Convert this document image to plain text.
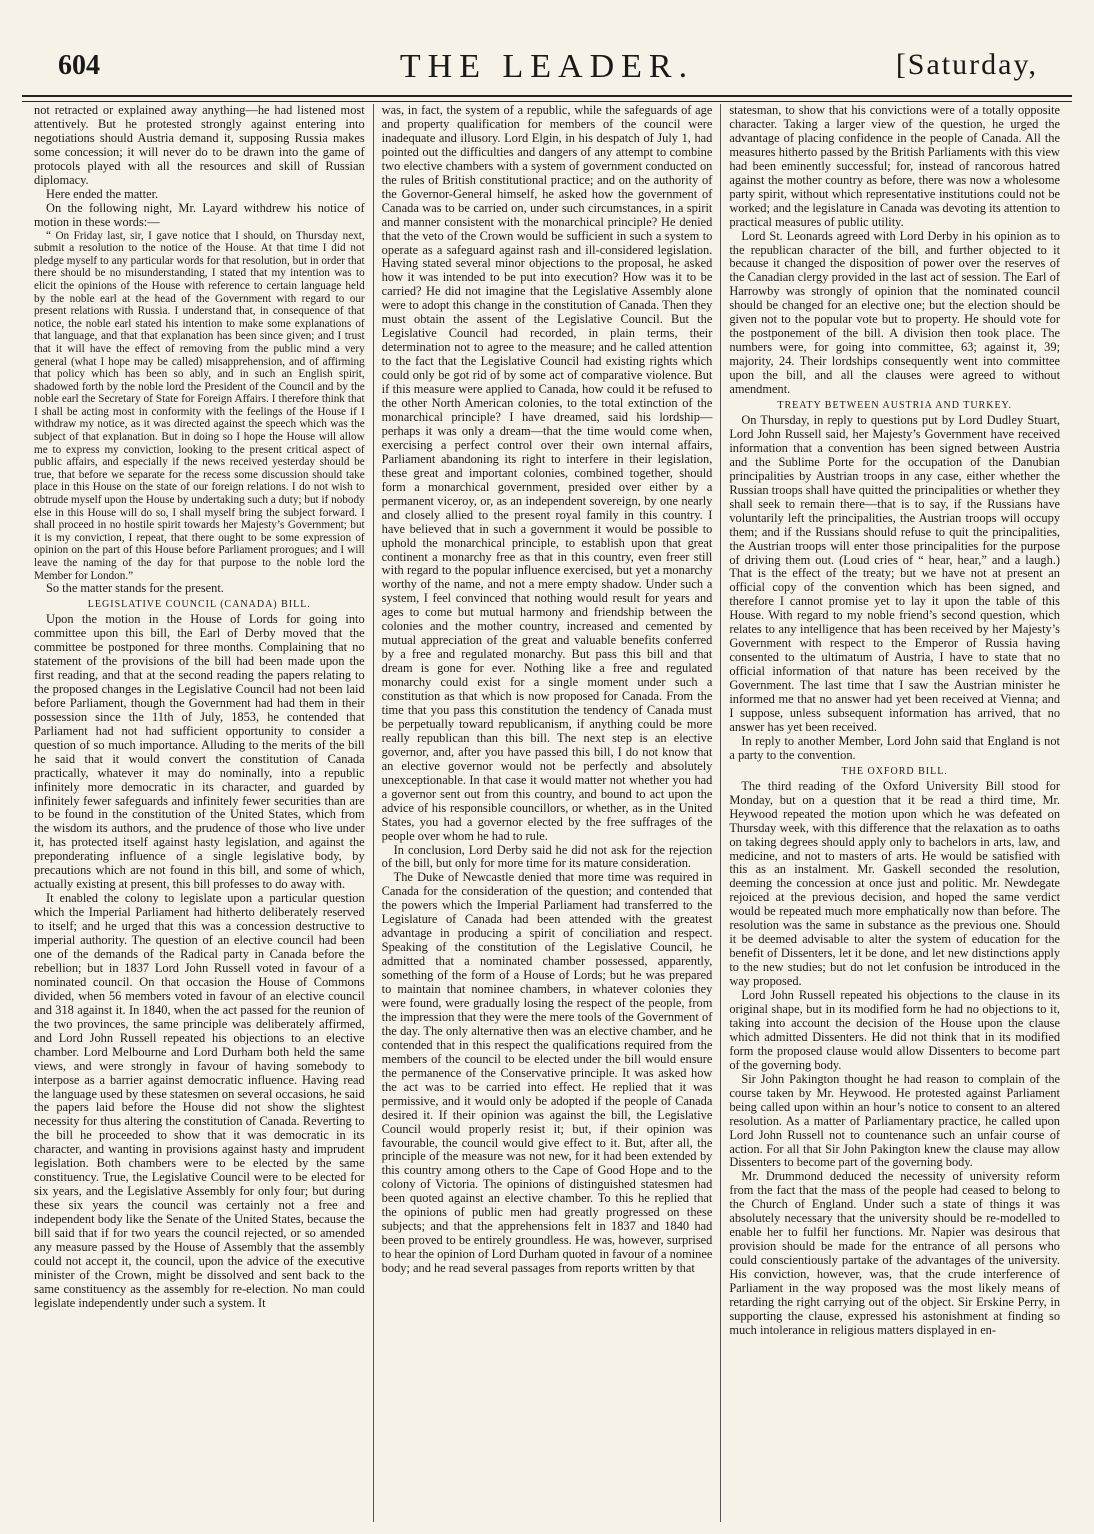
604	THE LEADER.	[Saturday,

not retracted or explained away anything—he had listened most attentively. But he protested strongly against entering into negotiations should Austria demand it, supposing Russia makes some concession; it will never do to be drawn into the game of protocols played with all the resources and skill of Russian diplomacy.

Here ended the matter.

On the following night, Mr. Layard withdrew his notice of motion in these words:—

“ On Friday last, sir, I gave notice that I should, on Thursday next, submit a resolution to the notice of the House. At that time I did not pledge myself to any particular words for that resolution, but in order that there should be no misunderstanding, I stated that my intention was to elicit the opinions of the House with reference to certain language held by the noble earl at the head of the Government with regard to our present relations with Russia. I understand that, in consequence of that notice, the noble earl stated his intention to make some explanations of that language, and that that explanation has been since given; and I trust that it will have the effect of removing from the public mind a very general (what I hope may be called) misapprehension, and of affirming that policy which has been so ably, and in such an English spirit, shadowed forth by the noble lord the President of the Council and by the noble earl the Secretary of State for Foreign Affairs. I therefore think that I shall be acting most in conformity with the feelings of the House if I withdraw my notice, as it was directed against the speech which was the subject of that explanation. But in doing so I hope the House will allow me to express my conviction, looking to the present critical aspect of public affairs, and especially if the news received yesterday should be true, that before we separate for the recess some discussion should take place in this House on the state of our foreign relations. I do not wish to obtrude myself upon the House by undertaking such a duty; but if nobody else in this House will do so, I shall myself bring the subject forward. I shall proceed in no hostile spirit towards her Majesty’s Government; but it is my conviction, I repeat, that there ought to be some expression of opinion on the part of this House before Parliament prorogues; and I will leave the naming of the day for that purpose to the noble lord the Member for London.”

So the matter stands for the present.

LEGISLATIVE COUNCIL (CANADA) BILL.

Upon the motion in the House of Lords for going into committee upon this bill, the Earl of Derby moved that the committee be postponed for three months. Complaining that no statement of the provisions of the bill had been made upon the first reading, and that at the second reading the papers relating to the proposed changes in the Legislative Council had not been laid before Parliament, though the Government had had them in their possession since the 11th of July, 1853, he contended that Parliament had not had sufficient opportunity to consider a question of so much importance. Alluding to the merits of the bill he said that it would convert the constitution of Canada practically, whatever it may do nominally, into a republic infinitely more democratic in its character, and guarded by infinitely fewer safeguards and infinitely fewer securities than are to be found in the constitution of the United States, which from the wisdom its authors, and the prudence of those who live under it, has protected itself against hasty legislation, and against the preponderating influence of a single legislative body, by precautions which are not found in this bill, and some of which, actually existing at present, this bill professes to do away with.

It enabled the colony to legislate upon a particular question which the Imperial Parliament had hitherto deliberately reserved to itself; and he urged that this was a concession destructive to imperial authority. The question of an elective council had been one of the demands of the Radical party in Canada before the rebellion; but in 1837 Lord John Russell voted in favour of a nominated council. On that occasion the House of Commons divided, when 56 members voted in favour of an elective council and 318 against it. In 1840, when the act passed for the reunion of the two provinces, the same principle was deliberately affirmed, and Lord John Russell repeated his objections to an elective chamber. Lord Melbourne and Lord Durham both held the same views, and were strongly in favour of having somebody to interpose as a barrier against democratic influence. Having read the language used by these statesmen on several occasions, he said the papers laid before the House did not show the slightest necessity for thus altering the constitution of Canada. Reverting to the bill he proceeded to show that it was democratic in its character, and wanting in provisions against hasty and imprudent legislation. Both chambers were to be elected by the same constituency. True, the Legislative Council were to be elected for six years, and the Legislative Assembly for only four; but during these six years the council was certainly not a free and independent body like the Senate of the United States, because the bill said that if for two years the council rejected, or so amended any measure passed by the House of Assembly that the assembly could not accept it, the council, upon the advice of the executive minister of the Crown, might be dissolved and sent back to the same constituency as the assembly for re-election. No man could legislate independently under such a system. It

was, in fact, the system of a republic, while the safeguards of age and property qualification for members of the council were inadequate and illusory. Lord Elgin, in his despatch of July 1, had pointed out the difficulties and dangers of any attempt to combine two elective chambers with a system of government conducted on the rules of British constitutional practice; and on the authority of the Governor-General himself, he asked how the government of Canada was to be carried on, under such circumstances, in a spirit and manner consistent with the monarchical principle? He denied that the veto of the Crown would be sufficient in such a system to operate as a safeguard against rash and ill-considered legislation. Having stated several minor objections to the proposal, he asked how it was intended to be put into execution? How was it to be carried? He did not imagine that the Legislative Assembly alone were to adopt this change in the constitution of Canada. Then they must obtain the assent of the Legislative Council. But the Legislative Council had recorded, in plain terms, their determination not to agree to the measure; and he called attention to the fact that the Legislative Council had existing rights which could only be got rid of by some act of comparative violence. But if this measure were applied to Canada, how could it be refused to the other North American colonies, to the total extinction of the monarchical principle? I have dreamed, said his lordship—perhaps it was only a dream—that the time would come when, exercising a perfect control over their own internal affairs, Parliament abandoning its right to interfere in their legislation, these great and important colonies, combined together, should form a monarchical government, presided over either by a permanent viceroy, or, as an independent sovereign, by one nearly and closely allied to the present royal family in this country. I have believed that in such a government it would be possible to uphold the monarchical principle, to establish upon that great continent a monarchy free as that in this country, even freer still with regard to the popular influence exercised, but yet a monarchy worthy of the name, and not a mere empty shadow. Under such a system, I feel convinced that nothing would result for years and ages to come but mutual harmony and friendship between the colonies and the mother country, increased and cemented by mutual appreciation of the great and valuable benefits conferred by a free and regulated monarchy. But pass this bill and that dream is gone for ever. Nothing like a free and regulated monarchy could exist for a single moment under such a constitution as that which is now proposed for Canada. From the time that you pass this constitution the tendency of Canada must be perpetually toward republicanism, if anything could be more really republican than this bill. The next step is an elective governor, and, after you have passed this bill, I do not know that an elective governor would not be perfectly and absolutely unexceptionable. In that case it would matter not whether you had a governor sent out from this country, and bound to act upon the advice of his responsible councillors, or whether, as in the United States, you had a governor elected by the free suffrages of the people over whom he had to rule.

In conclusion, Lord Derby said he did not ask for the rejection of the bill, but only for more time for its mature consideration.

The Duke of Newcastle denied that more time was required in Canada for the consideration of the question; and contended that the powers which the Imperial Parliament had transferred to the Legislature of Canada had been attended with the greatest advantage in producing a spirit of conciliation and respect. Speaking of the constitution of the Legislative Council, he admitted that a nominated chamber possessed, apparently, something of the form of a House of Lords; but he was prepared to maintain that nominee chambers, in whatever colonies they were found, were gradually losing the respect of the people, from the impression that they were the mere tools of the Government of the day. The only alternative then was an elective chamber, and he contended that in this respect the qualifications required from the members of the council to be elected under the bill would ensure the permanence of the Conservative principle. It was asked how the act was to be carried into effect. He replied that it was permissive, and it would only be adopted if the people of Canada desired it. If their opinion was against the bill, the Legislative Council would properly resist it; but, if their opinion was favourable, the council would give effect to it. But, after all, the principle of the measure was not new, for it had been extended by this country among others to the Cape of Good Hope and to the colony of Victoria. The opinions of distinguished statesmen had been quoted against an elective chamber. To this he replied that the opinions of public men had greatly progressed on these subjects; and that the apprehensions felt in 1837 and 1840 had been proved to be entirely groundless. He was, however, surprised to hear the opinion of Lord Durham quoted in favour of a nominee body; and he read several passages from reports written by that

statesman, to show that his convictions were of a totally opposite character. Taking a larger view of the question, he urged the advantage of placing confidence in the people of Canada. All the measures hitherto passed by the British Parliaments with this view had been eminently successful; for, instead of rancorous hatred against the mother country as before, there was now a wholesome party spirit, without which representative institutions could not be worked; and the legislature in Canada was devoting its attention to practical measures of public utility.

Lord St. Leonards agreed with Lord Derby in his opinion as to the republican character of the bill, and further objected to it because it changed the disposition of power over the reserves of the Canadian clergy provided in the last act of session. The Earl of Harrowby was strongly of opinion that the nominated council should be changed for an elective one; but the election should be given not to the popular vote but to property. He should vote for the postponement of the bill. A division then took place. The numbers were, for going into committee, 63; against it, 39; majority, 24. Their lordships consequently went into committee upon the bill, and all the clauses were agreed to without amendment.

TREATY BETWEEN AUSTRIA AND TURKEY.

On Thursday, in reply to questions put by Lord Dudley Stuart, Lord John Russell said, her Majesty’s Government have received information that a convention has been signed between Austria and the Sublime Porte for the occupation of the Danubian principalities by Austrian troops in any case, either whether the Russian troops shall have quitted the principalities or whether they shall seek to remain there—that is to say, if the Russians have voluntarily left the principalities, the Austrian troops will occupy them; and if the Russians should refuse to quit the principalities, the Austrian troops will enter those principalities for the purpose of driving them out. (Loud cries of “ hear, hear,” and a laugh.) That is the effect of the treaty; but we have not at present an official copy of the convention which has been signed, and therefore I cannot promise yet to lay it upon the table of this House. With regard to my noble friend’s second question, which relates to any intelligence that has been received by her Majesty’s Government with respect to the Emperor of Russia having consented to the ultimatum of Austria, I have to state that no official information of that nature has been received by the Government. The last time that I saw the Austrian minister he informed me that no answer had yet been received at Vienna; and I suppose, unless subsequent information has arrived, that no answer has yet been received.

In reply to another Member, Lord John said that England is not a party to the convention.

THE OXFORD BILL.

The third reading of the Oxford University Bill stood for Monday, but on a question that it be read a third time, Mr. Heywood repeated the motion upon which he was defeated on Thursday week, with this difference that the relaxation as to oaths on taking degrees should apply only to bachelors in arts, law, and medicine, and not to masters of arts. He would be satisfied with this as an instalment. Mr. Gaskell seconded the resolution, deeming the concession at once just and politic. Mr. Newdegate rejoiced at the previous decision, and hoped the same verdict would be repeated much more emphatically now than before. The resolution was the same in substance as the previous one. Should it be deemed advisable to alter the system of education for the benefit of Dissenters, let it be done, and let new distinctions apply to the new studies; but do not let confusion be introduced in the way proposed.

Lord John Russell repeated his objections to the clause in its original shape, but in its modified form he had no objections to it, taking into account the decision of the House upon the clause which admitted Dissenters. He did not think that in its modified form the proposed clause would allow Dissenters to become part of the governing body.

Sir John Pakington thought he had reason to complain of the course taken by Mr. Heywood. He protested against Parliament being called upon within an hour’s notice to consent to an altered resolution. As a matter of Parliamentary practice, he called upon Lord John Russell not to countenance such an unfair course of action. For all that Sir John Pakington knew the clause may allow Dissenters to become part of the governing body.

Mr. Drummond deduced the necessity of university reform from the fact that the mass of the people had ceased to belong to the Church of England. Under such a state of things it was absolutely necessary that the university should be re-modelled to enable her to fulfil her functions. Mr. Napier was desirous that provision should be made for the entrance of all persons who could conscientiously partake of the advantages of the university. His conviction, however, was, that the crude interference of Parliament in the way proposed was the most likely means of retarding the right carrying out of the object. Sir Erskine Perry, in supporting the clause, expressed his astonishment at finding so much intolerance in religious matters displayed in en-
